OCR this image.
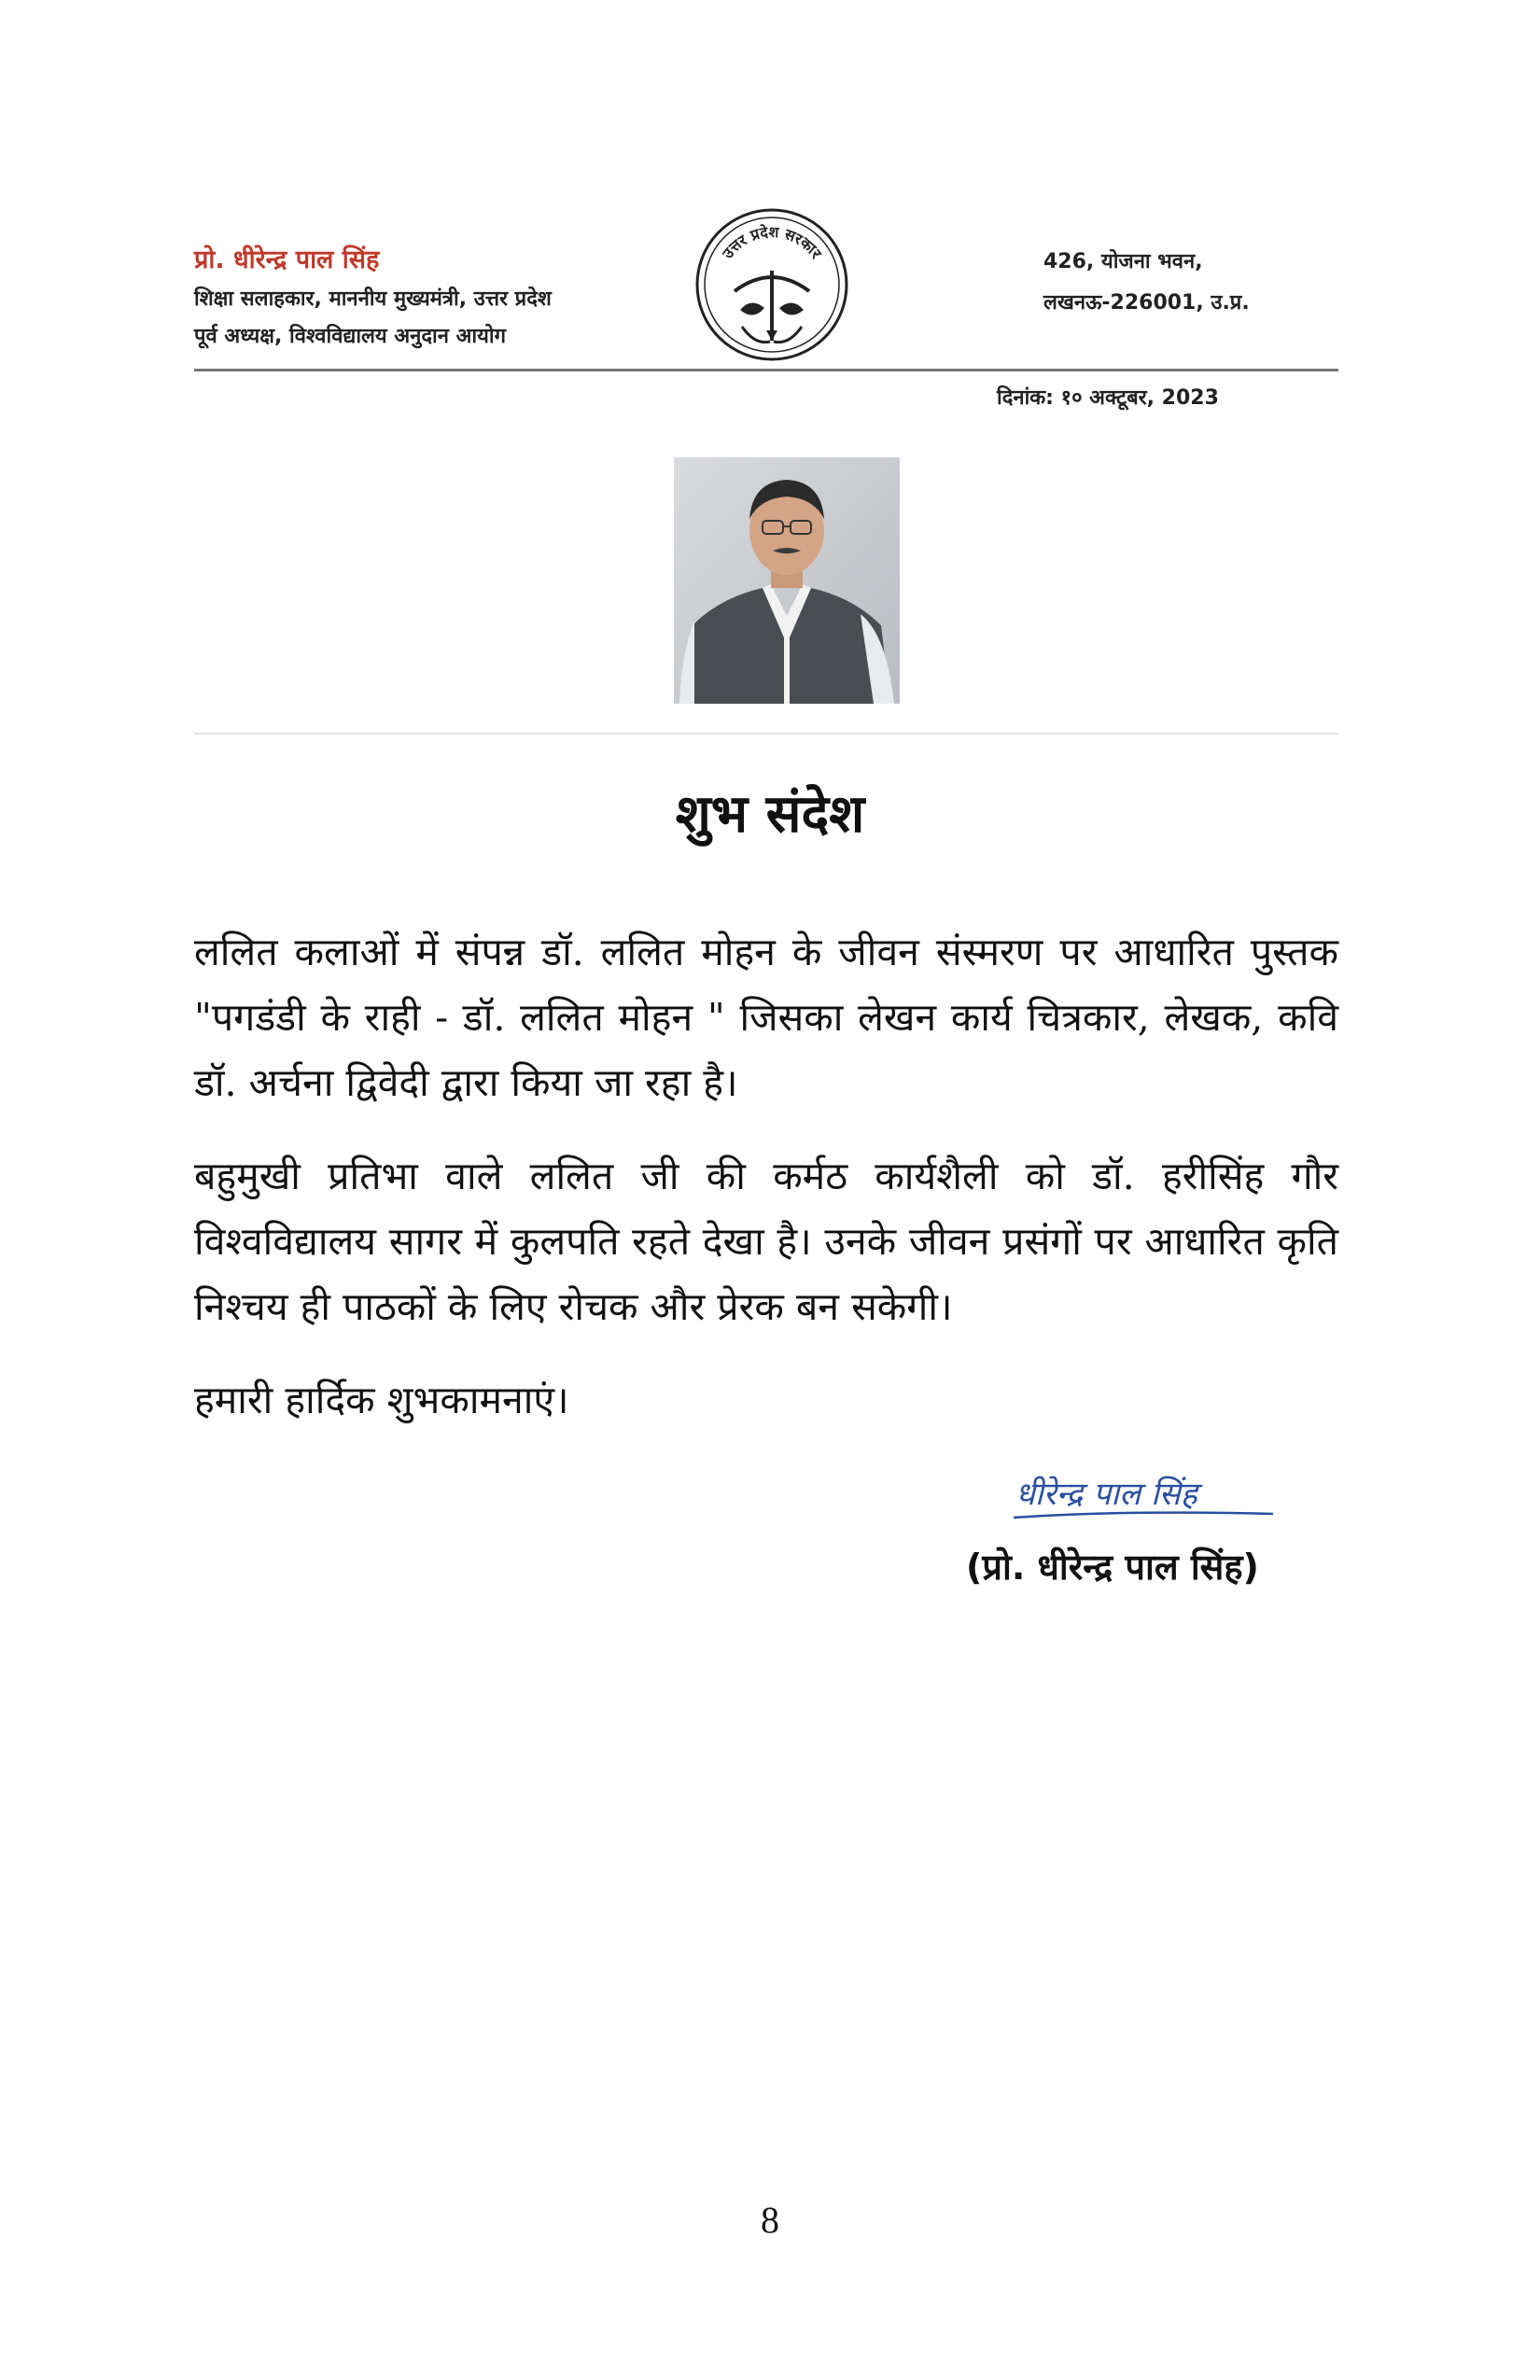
प्रो. धीरेन्द्र पाल सिंह
शिक्षा सलाहकार, माननीय मुख्यमंत्री, उत्तर प्रदेश
पूर्व अध्यक्ष, विश्वविद्यालय अनुदान आयोग
उत्तर प्रदेश सरकार	426, योजना भवन,
लखनऊ-226001, उ.प्र.
दिनांक: १० अक्टूबर, 2023
शुभ संदेश
ललित कलाओं में संपन्न डॉ. ललित मोहन के जीवन संस्मरण पर आधारित पुस्तक "पगडंडी के राही - डॉ. ललित मोहन " जिसका लेखन कार्य चित्रकार, लेखक, कवि डॉ. अर्चना द्विवेदी द्वारा किया जा रहा है।
बहुमुखी प्रतिभा वाले ललित जी की कर्मठ कार्यशैली को डॉ. हरीसिंह गौर विश्वविद्यालय सागर में कुलपति रहते देखा है। उनके जीवन प्रसंगों पर आधारित कृति निश्चय ही पाठकों के लिए रोचक और प्रेरक बन सकेगी।
हमारी हार्दिक शुभकामनाएं।
धीरेन्द्र पाल सिंह
(प्रो. धीरेन्द्र पाल सिंह)
8
